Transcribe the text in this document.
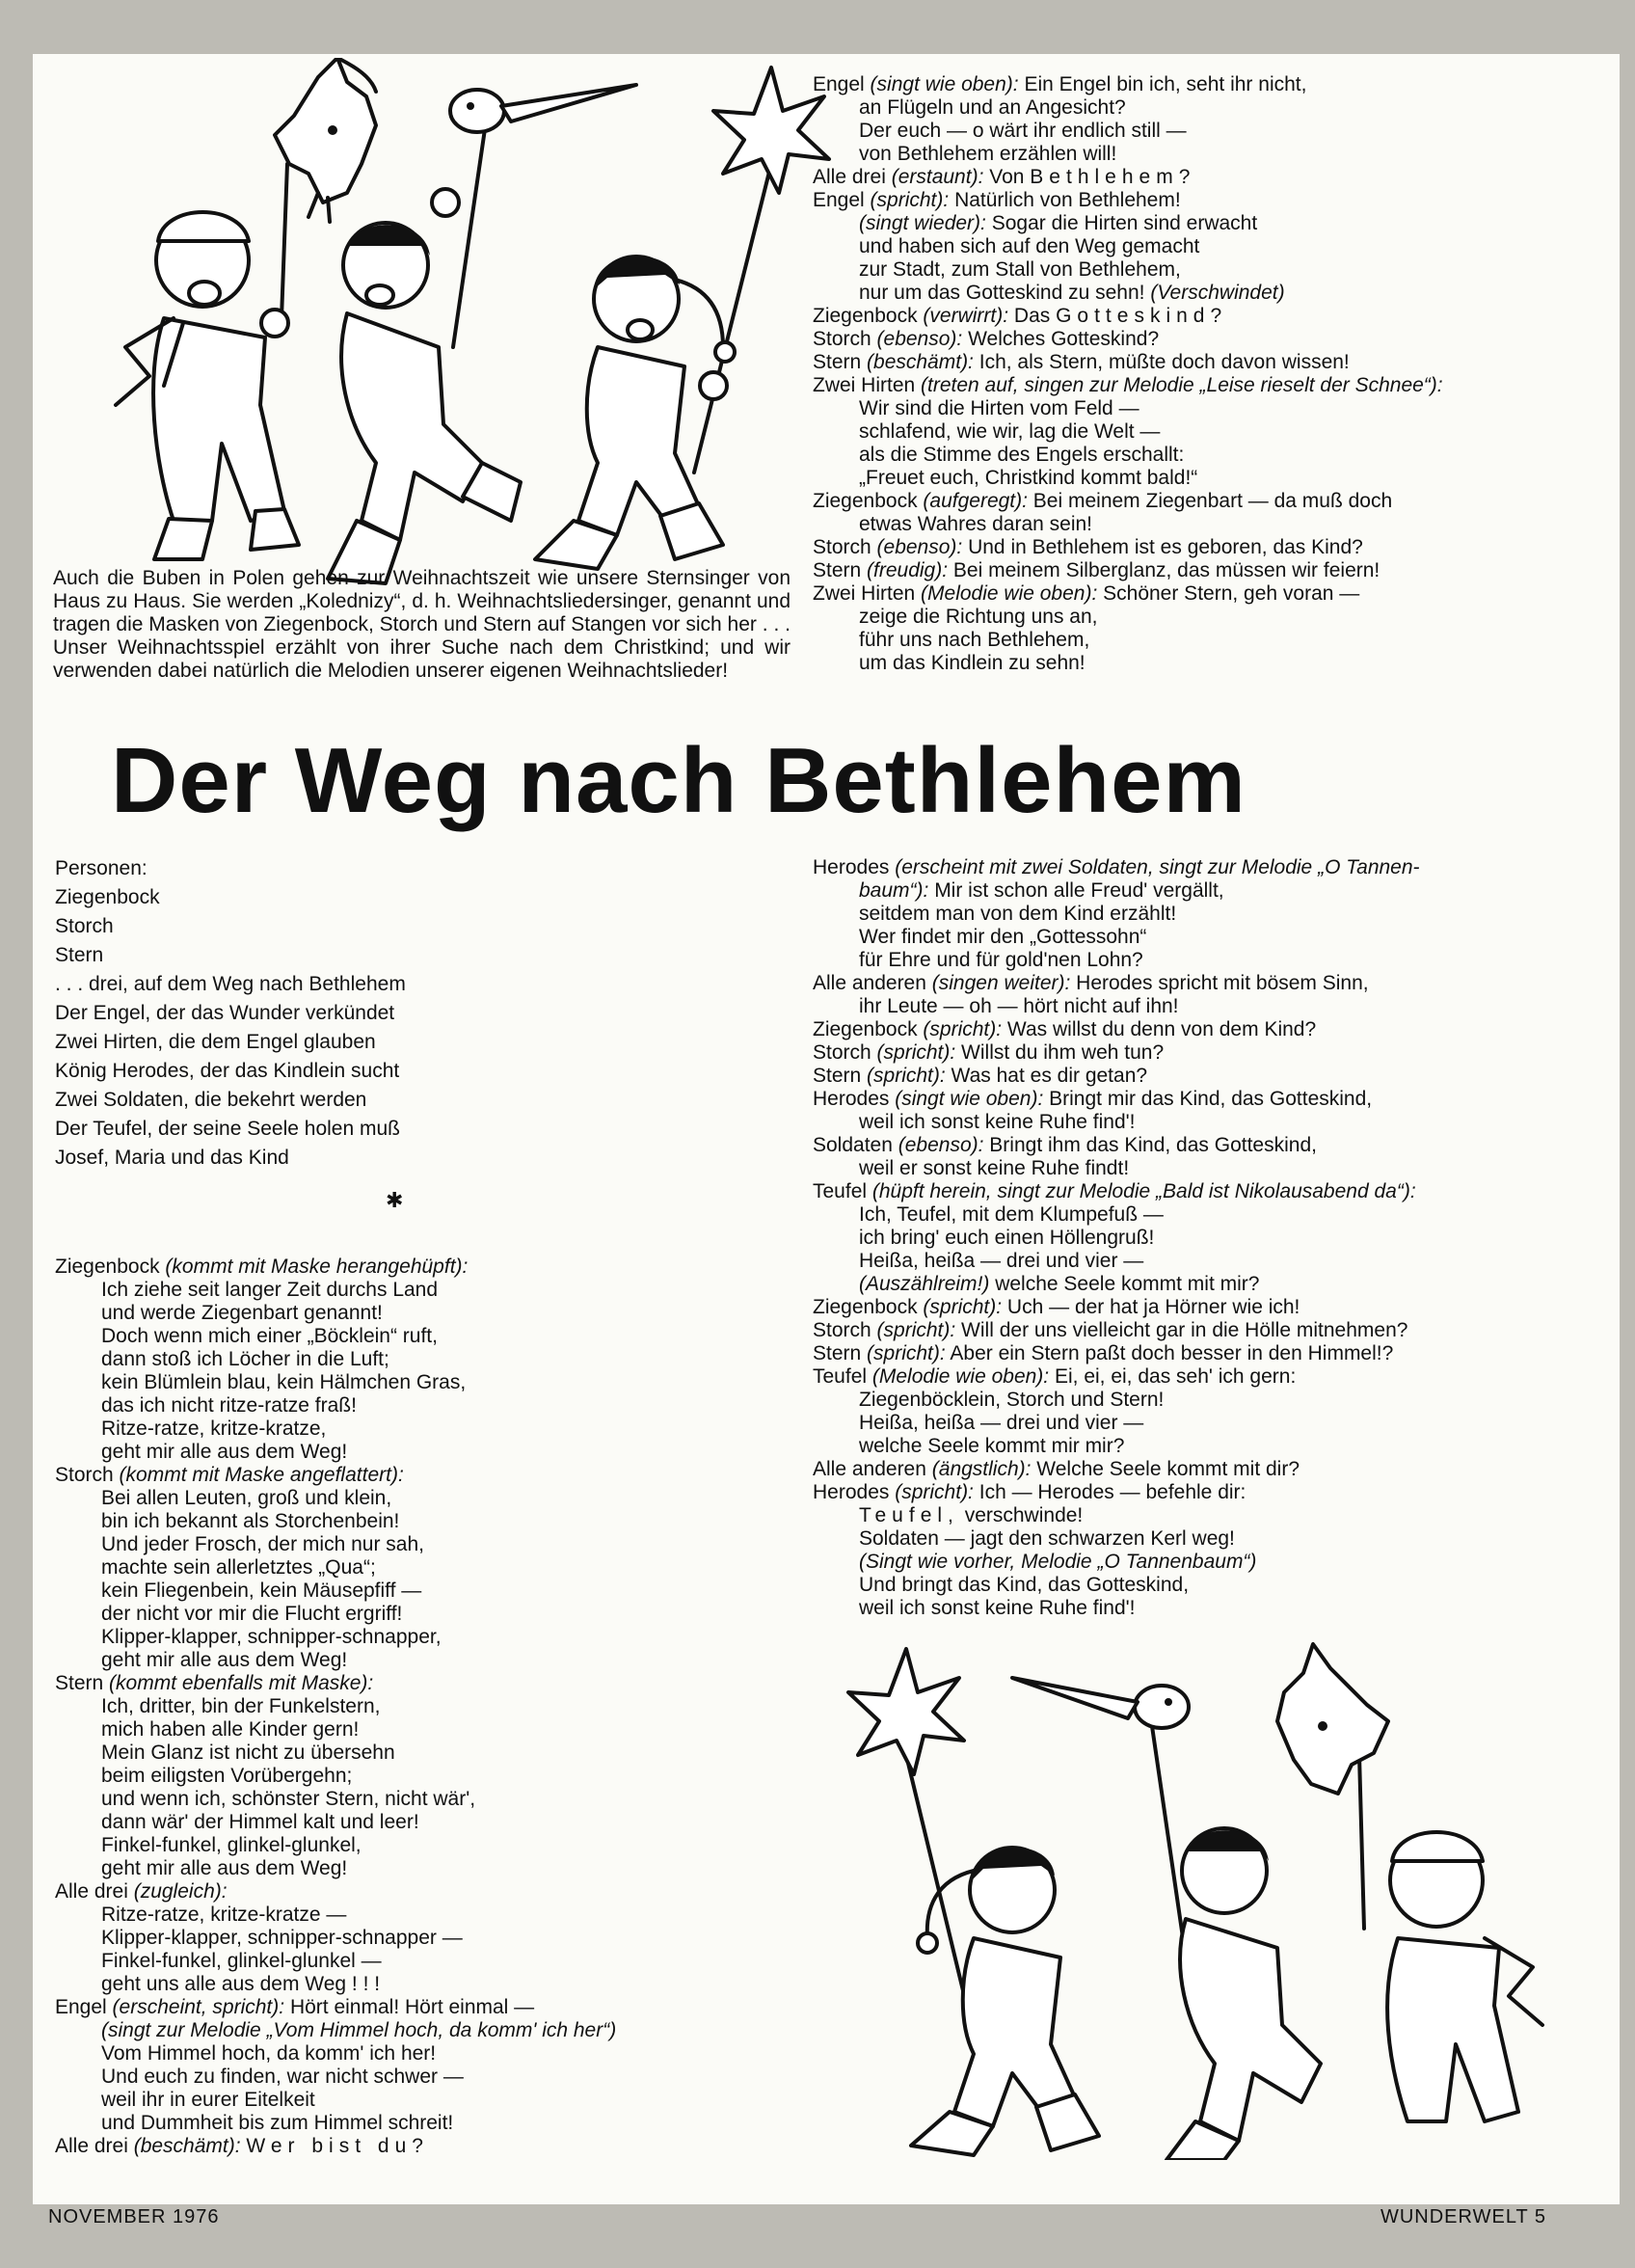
Auch die Buben in Polen gehen zur Weihnachtszeit wie unsere Sternsinger von Haus zu Haus. Sie werden „Kolednizy“, d. h. Weihnachtsliedersinger, genannt und tragen die Masken von Ziegenbock, Storch und Stern auf Stangen vor sich her . . . Unser Weihnachtsspiel erzählt von ihrer Suche nach dem Christkind; und wir verwenden dabei natürlich die Melodien unserer eigenen Weihnachtslieder!
Engel (singt wie oben): Ein Engel bin ich, seht ihr nicht,
an Flügeln und an Angesicht?
Der euch — o wärt ihr endlich still —
von Bethlehem erzählen will!
Alle drei (erstaunt): Von Bethlehem?
Engel (spricht): Natürlich von Bethlehem!
(singt wieder): Sogar die Hirten sind erwacht
und haben sich auf den Weg gemacht
zur Stadt, zum Stall von Bethlehem,
nur um das Gotteskind zu sehn! (Verschwindet)
Ziegenbock (verwirrt): Das Gotteskind?
Storch (ebenso): Welches Gotteskind?
Stern (beschämt): Ich, als Stern, müßte doch davon wissen!
Zwei Hirten (treten auf, singen zur Melodie „Leise rieselt der Schnee“):
Wir sind die Hirten vom Feld —
schlafend, wie wir, lag die Welt —
als die Stimme des Engels erschallt:
„Freuet euch, Christkind kommt bald!“
Ziegenbock (aufgeregt): Bei meinem Ziegenbart — da muß doch
etwas Wahres daran sein!
Storch (ebenso): Und in Bethlehem ist es geboren, das Kind?
Stern (freudig): Bei meinem Silberglanz, das müssen wir feiern!
Zwei Hirten (Melodie wie oben): Schöner Stern, geh voran —
zeige die Richtung uns an,
führ uns nach Bethlehem,
um das Kindlein zu sehn!
Der Weg nach Bethlehem
Personen:
Ziegenbock
Storch
Stern
. . . drei, auf dem Weg nach Bethlehem
Der Engel, der das Wunder verkündet
Zwei Hirten, die dem Engel glauben
König Herodes, der das Kindlein sucht
Zwei Soldaten, die bekehrt werden
Der Teufel, der seine Seele holen muß
Josef, Maria und das Kind
✱
Ziegenbock (kommt mit Maske herangehüpft):
Ich ziehe seit langer Zeit durchs Land
und werde Ziegenbart genannt!
Doch wenn mich einer „Böcklein“ ruft,
dann stoß ich Löcher in die Luft;
kein Blümlein blau, kein Hälmchen Gras,
das ich nicht ritze-ratze fraß!
Ritze-ratze, kritze-kratze,
geht mir alle aus dem Weg!
Storch (kommt mit Maske angeflattert):
Bei allen Leuten, groß und klein,
bin ich bekannt als Storchenbein!
Und jeder Frosch, der mich nur sah,
machte sein allerletztes „Qua“;
kein Fliegenbein, kein Mäusepfiff —
der nicht vor mir die Flucht ergriff!
Klipper-klapper, schnipper-schnapper,
geht mir alle aus dem Weg!
Stern (kommt ebenfalls mit Maske):
Ich, dritter, bin der Funkelstern,
mich haben alle Kinder gern!
Mein Glanz ist nicht zu übersehn
beim eiligsten Vorübergehn;
und wenn ich, schönster Stern, nicht wär',
dann wär' der Himmel kalt und leer!
Finkel-funkel, glinkel-glunkel,
geht mir alle aus dem Weg!
Alle drei (zugleich):
Ritze-ratze, kritze-kratze —
Klipper-klapper, schnipper-schnapper —
Finkel-funkel, glinkel-glunkel —
geht uns alle aus dem Weg ! ! !
Engel (erscheint, spricht): Hört einmal! Hört einmal —
(singt zur Melodie „Vom Himmel hoch, da komm' ich her“)
Vom Himmel hoch, da komm' ich her!
Und euch zu finden, war nicht schwer —
weil ihr in eurer Eitelkeit
und Dummheit bis zum Himmel schreit!
Alle drei (beschämt): Wer bist du?
Herodes (erscheint mit zwei Soldaten, singt zur Melodie „O Tannen-
baum“): Mir ist schon alle Freud' vergällt,
seitdem man von dem Kind erzählt!
Wer findet mir den „Gottessohn“
für Ehre und für gold'nen Lohn?
Alle anderen (singen weiter): Herodes spricht mit bösem Sinn,
ihr Leute — oh — hört nicht auf ihn!
Ziegenbock (spricht): Was willst du denn von dem Kind?
Storch (spricht): Willst du ihm weh tun?
Stern (spricht): Was hat es dir getan?
Herodes (singt wie oben): Bringt mir das Kind, das Gotteskind,
weil ich sonst keine Ruhe find'!
Soldaten (ebenso): Bringt ihm das Kind, das Gotteskind,
weil er sonst keine Ruhe findt!
Teufel (hüpft herein, singt zur Melodie „Bald ist Nikolausabend da“):
Ich, Teufel, mit dem Klumpefuß —
ich bring' euch einen Höllengruß!
Heißa, heißa — drei und vier —
(Auszählreim!) welche Seele kommt mit mir?
Ziegenbock (spricht): Uch — der hat ja Hörner wie ich!
Storch (spricht): Will der uns vielleicht gar in die Hölle mitnehmen?
Stern (spricht): Aber ein Stern paßt doch besser in den Himmel!?
Teufel (Melodie wie oben): Ei, ei, ei, das seh' ich gern:
Ziegenböcklein, Storch und Stern!
Heißa, heißa — drei und vier —
welche Seele kommt mir mir?
Alle anderen (ängstlich): Welche Seele kommt mit dir?
Herodes (spricht): Ich — Herodes — befehle dir:
Teufel, verschwinde!
Soldaten — jagt den schwarzen Kerl weg!
(Singt wie vorher, Melodie „O Tannenbaum“)
Und bringt das Kind, das Gotteskind,
weil ich sonst keine Ruhe find'!
NOVEMBER 1976	WUNDERWELT 5
